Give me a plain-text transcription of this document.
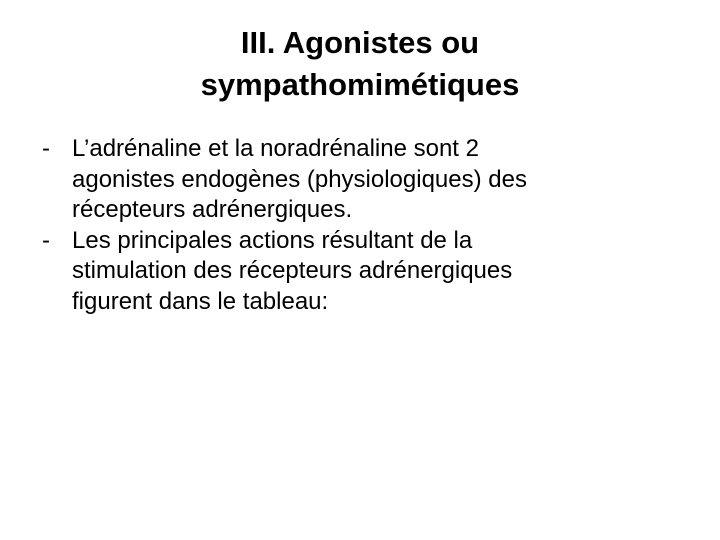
III. Agonistes ou
sympathomimétiques
- L’adrénaline et la noradrénaline sont 2
agonistes endogènes (physiologiques) des
récepteurs adrénergiques.
- Les principales actions résultant de la
stimulation des récepteurs adrénergiques
figurent dans le tableau:
